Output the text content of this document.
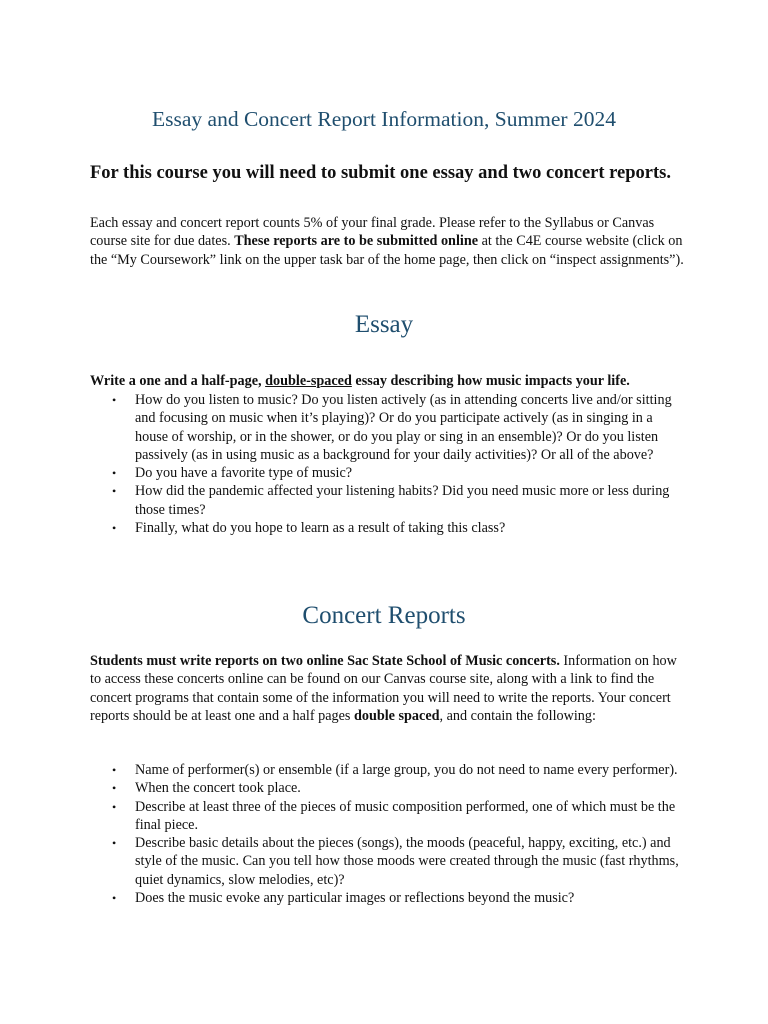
Essay and Concert Report Information, Summer 2024

For this course you will need to submit one essay and two concert reports.

Each essay and concert report counts 5% of your final grade. Please refer to the Syllabus or Canvas course site for due dates. These reports are to be submitted online at the C4E course website (click on the “My Coursework” link on the upper task bar of the home page, then click on “inspect assignments”).

Essay

Write a one and a half-page, double-spaced essay describing how music impacts your life.

• How do you listen to music? Do you listen actively (as in attending concerts live and/or sitting and focusing on music when it’s playing)? Or do you participate actively (as in singing in a house of worship, or in the shower, or do you play or sing in an ensemble)? Or do you listen passively (as in using music as a background for your daily activities)? Or all of the above?
• Do you have a favorite type of music?
• How did the pandemic affected your listening habits? Did you need music more or less during those times?
• Finally, what do you hope to learn as a result of taking this class?
Concert Reports

Students must write reports on two online Sac State School of Music concerts. Information on how to access these concerts online can be found on our Canvas course site, along with a link to find the concert programs that contain some of the information you will need to write the reports. Your concert reports should be at least one and a half pages double spaced, and contain the following:

• Name of performer(s) or ensemble (if a large group, you do not need to name every performer).
• When the concert took place.
• Describe at least three of the pieces of music composition performed, one of which must be the final piece.
• Describe basic details about the pieces (songs), the moods (peaceful, happy, exciting, etc.) and style of the music. Can you tell how those moods were created through the music (fast rhythms, quiet dynamics, slow melodies, etc)?
• Does the music evoke any particular images or reflections beyond the music?
